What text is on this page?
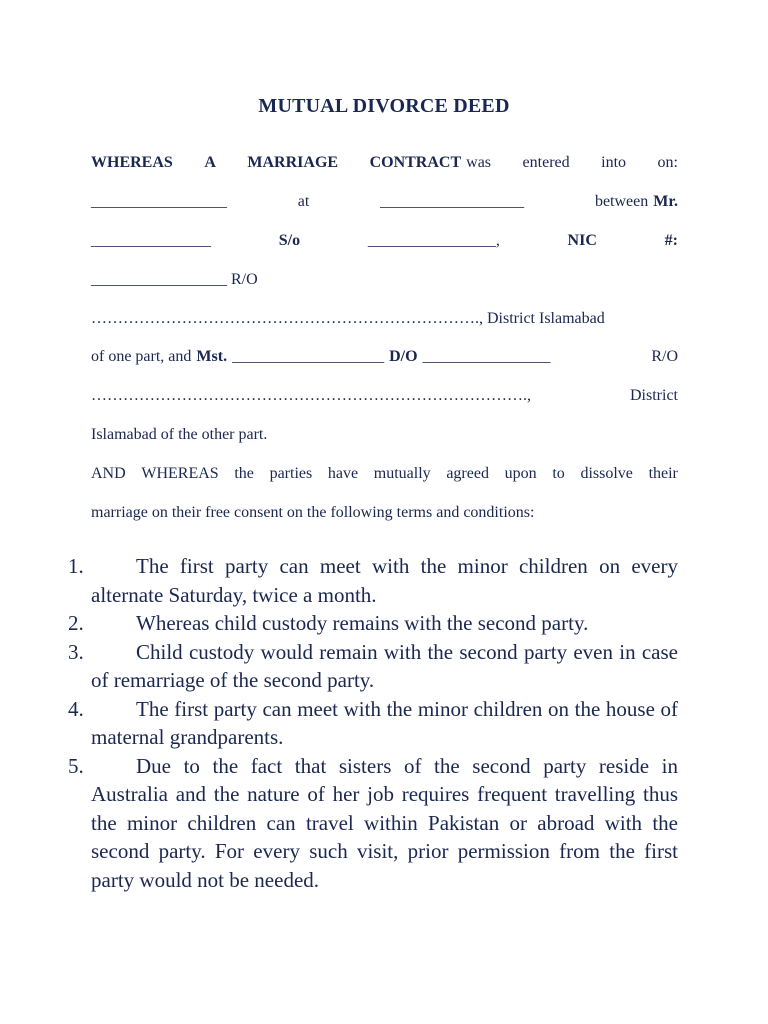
MUTUAL DIVORCE DEED
WHEREAS A MARRIAGE CONTRACT was entered into on:
_________________	at	__________________	between Mr.
_______________	S/o	________________,	NIC	#:
_________________ R/O
………………………………………………………………., District Islamabad
of one part, and Mst. ___________________ D/O ________________	R/O
……………………………………………………………………….,	District
Islamabad of the other part.
AND WHEREAS the parties have mutually agreed upon to dissolve their
marriage on their free consent on the following terms and conditions:
1.	The first party can meet with the minor children on every alternate Saturday, twice a month.
2.	Whereas child custody remains with the second party.
3.	Child custody would remain with the second party even in case of remarriage of the second party.
4.	The first party can meet with the minor children on the house of maternal grandparents.
5.	Due to the fact that sisters of the second party reside in Australia and the nature of her job requires frequent travelling thus the minor children can travel within Pakistan or abroad with the second party. For every such visit, prior permission from the first party would not be needed.
